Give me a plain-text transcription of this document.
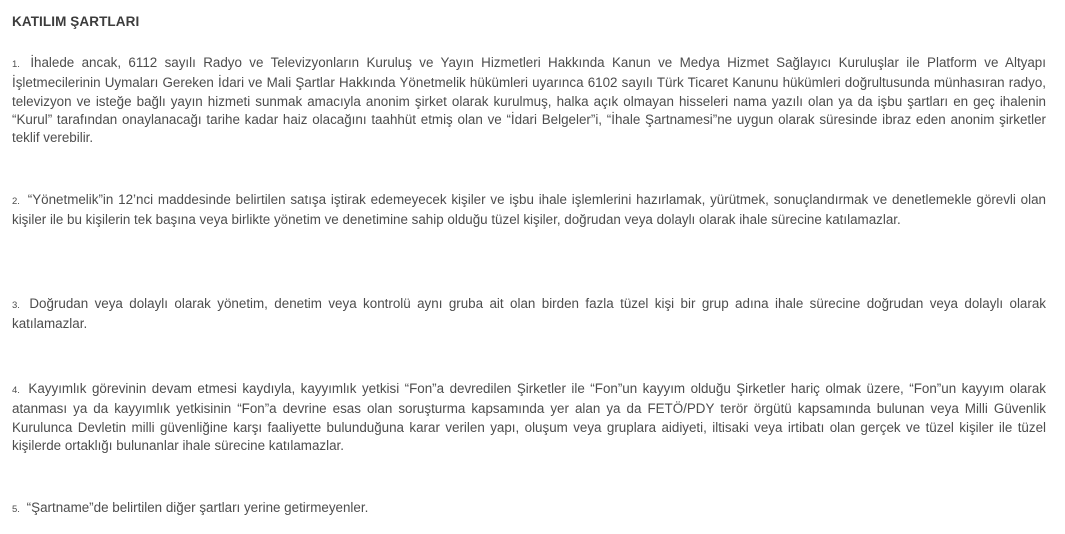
KATILIM ŞARTLARI

1. İhalede ancak, 6112 sayılı Radyo ve Televizyonların Kuruluş ve Yayın Hizmetleri Hakkında Kanun ve Medya Hizmet Sağlayıcı Kuruluşlar ile Platform ve Altyapı İşletmecilerinin Uymaları Gereken İdari ve Mali Şartlar Hakkında Yönetmelik hükümleri uyarınca 6102 sayılı Türk Ticaret Kanunu hükümleri doğrultusunda münhasıran radyo, televizyon ve isteğe bağlı yayın hizmeti sunmak amacıyla anonim şirket olarak kurulmuş, halka açık olmayan hisseleri nama yazılı olan ya da işbu şartları en geç ihalenin “Kurul” tarafından onaylanacağı tarihe kadar haiz olacağını taahhüt etmiş olan ve “İdari Belgeler”i, “İhale Şartnamesi”ne uygun olarak süresinde ibraz eden anonim şirketler teklif verebilir.

2. “Yönetmelik”in 12’nci maddesinde belirtilen satışa iştirak edemeyecek kişiler ve işbu ihale işlemlerini hazırlamak, yürütmek, sonuçlandırmak ve denetlemekle görevli olan kişiler ile bu kişilerin tek başına veya birlikte yönetim ve denetimine sahip olduğu tüzel kişiler, doğrudan veya dolaylı olarak ihale sürecine katılamazlar.

3. Doğrudan veya dolaylı olarak yönetim, denetim veya kontrolü aynı gruba ait olan birden fazla tüzel kişi bir grup adına ihale sürecine doğrudan veya dolaylı olarak katılamazlar.

4. Kayyımlık görevinin devam etmesi kaydıyla, kayyımlık yetkisi “Fon”a devredilen Şirketler ile “Fon”un kayyım olduğu Şirketler hariç olmak üzere, “Fon”un kayyım olarak atanması ya da kayyımlık yetkisinin “Fon”a devrine esas olan soruşturma kapsamında yer alan ya da FETÖ/PDY terör örgütü kapsamında bulunan veya Milli Güvenlik Kurulunca Devletin milli güvenliğine karşı faaliyette bulunduğuna karar verilen yapı, oluşum veya gruplara aidiyeti, iltisaki veya irtibatı olan gerçek ve tüzel kişiler ile tüzel kişilerde ortaklığı bulunanlar ihale sürecine katılamazlar.

5. “Şartname”de belirtilen diğer şartları yerine getirmeyenler.
